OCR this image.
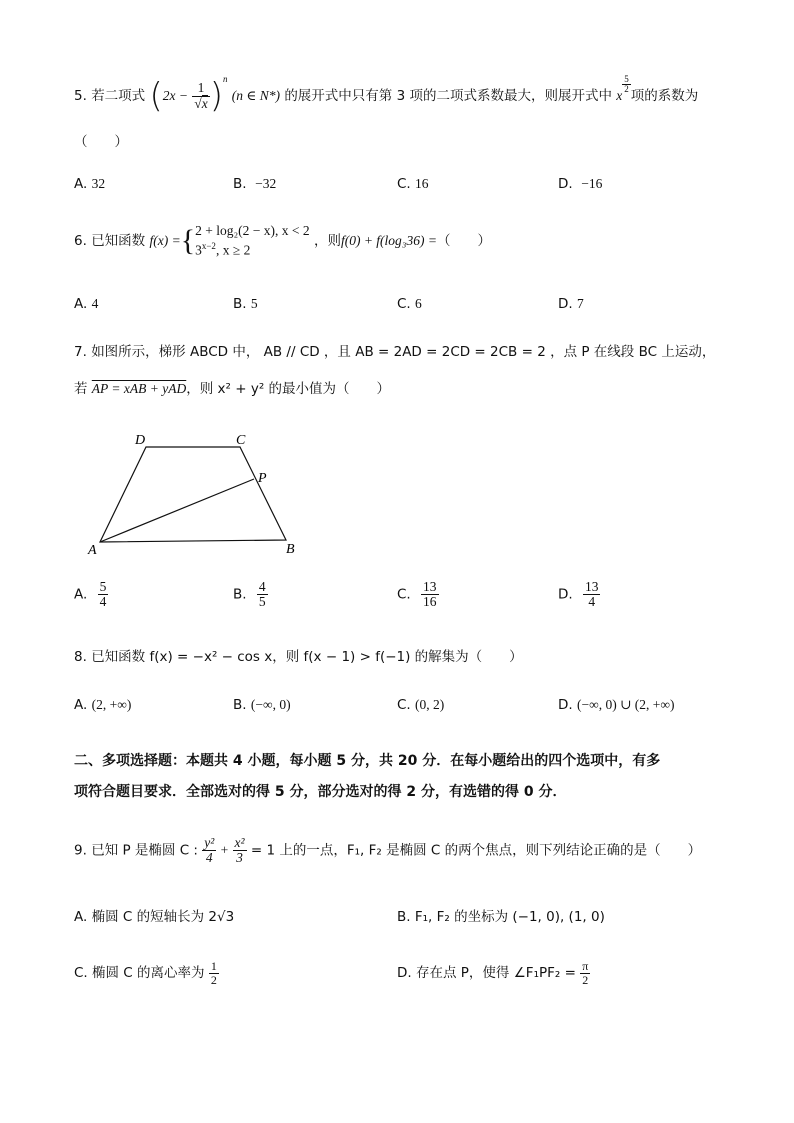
5. 若二项式 $(2x - \frac{1}{√x} )^n$ (n ∈ N*) 的展开式中只有第 3 项的二项式系数最大，则展开式中 x
$\frac{5}{2}$
项的系数为
（　　）
A. 32	B. −32	C. 16	D. −16
6. 已知函数 f(x) ={ 2 + log₂(2 − x), x < 2
$3^{x-2}$, x ≥ 2
，则f(0) + f(log₃36) =（　　）
A. 4	B. 5	C. 6	D. 7
7. 如图所示，梯形 ABCD 中， AB // CD ，且 AB = 2AD = 2CD = 2CB = 2 ，点 P 在线段 BC 上运动，
若 AP = xAB + yAD，则 x² + y² 的最小值为（　　）
A	B
C
D
P
A. $\frac{5}{4}$	B. $\frac{4}{5}$	C. $\frac{13}{16}$	D. $\frac{13}{4}$
8. 已知函数 f(x) = −x² − cos x，则 f(x − 1) > f(−1) 的解集为（　　）
A. (2, +∞)	B. (−∞, 0)	C. (0, 2)	D. (−∞, 0) ∪ (2, +∞)
二、多项选择题：本题共 4 小题，每小题 5 分，共 20 分．在每小题给出的四个选项中，有多
项符合题目要求．全部选对的得 5 分，部分选对的得 2 分，有选错的得 0 分．
9. 已知 P 是椭圆 C : $\frac{\text{y²}}{4} + \frac{\text{x²}}{3} = 1$ 上的一点，F₁, F₂ 是椭圆 C 的两个焦点，则下列结论正确的是（　　）
A. 椭圆 C 的短轴长为 2√3	B. F₁, F₂ 的坐标为 (−1, 0), (1, 0)
C. 椭圆 C 的离心率为 $\frac{1}{2}$	D. 存在点 P，使得 ∠F₁PF₂ = $\frac{\pi}{2}$
